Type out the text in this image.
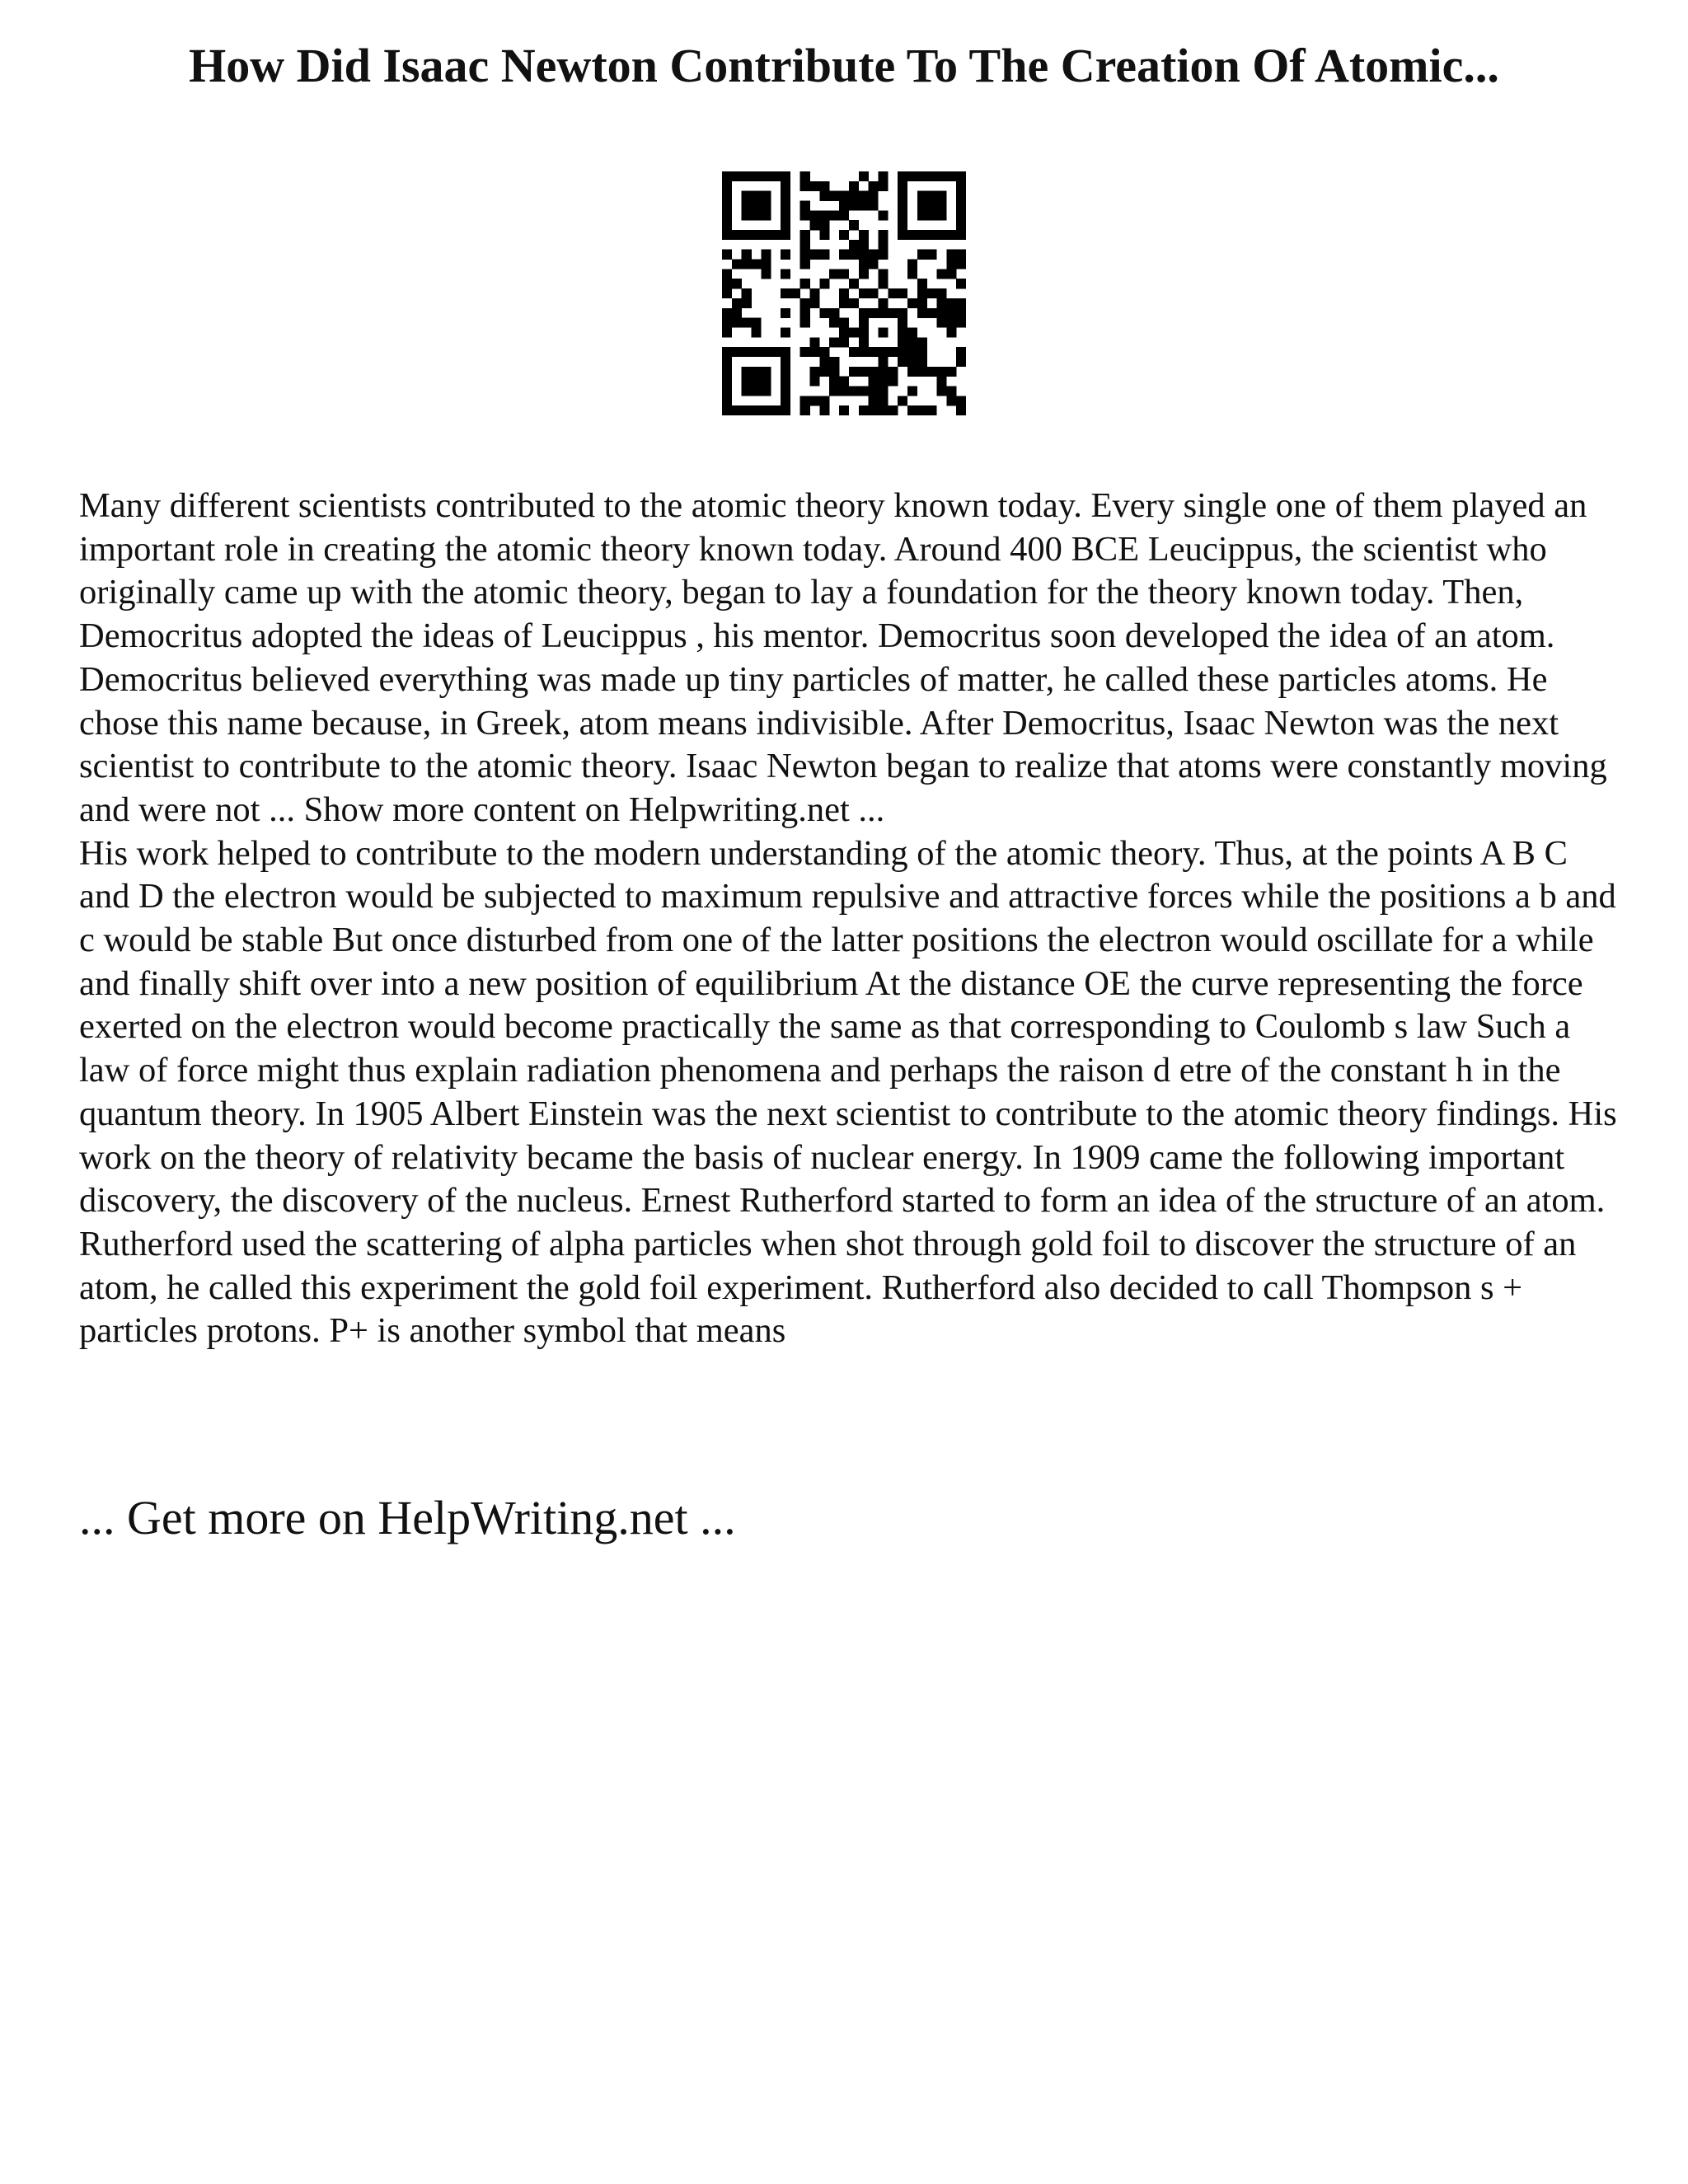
How Did Isaac Newton Contribute To The Creation Of Atomic...

Many different scientists contributed to the atomic theory known today. Every single one of them played an important role in creating the atomic theory known today. Around 400 BCE Leucippus, the scientist who originally came up with the atomic theory, began to lay a foundation for the theory known today. Then, Democritus adopted the ideas of Leucippus , his mentor. Democritus soon developed the idea of an atom. Democritus believed everything was made up tiny particles of matter, he called these particles atoms. He chose this name because, in Greek, atom means indivisible. After Democritus, Isaac Newton was the next scientist to contribute to the atomic theory. Isaac Newton began to realize that atoms were constantly moving and were not ... Show more content on Helpwriting.net ...

His work helped to contribute to the modern understanding of the atomic theory. Thus, at the points A B C and D the electron would be subjected to maximum repulsive and attractive forces while the positions a b and c would be stable But once disturbed from one of the latter positions the electron would oscillate for a while and finally shift over into a new position of equilibrium At the distance OE the curve representing the force exerted on the electron would become practically the same as that corresponding to Coulomb s law Such a law of force might thus explain radiation phenomena and perhaps the raison d etre of the constant h in the quantum theory. In 1905 Albert Einstein was the next scientist to contribute to the atomic theory findings. His work on the theory of relativity became the basis of nuclear energy. In 1909 came the following important discovery, the discovery of the nucleus. Ernest Rutherford started to form an idea of the structure of an atom. Rutherford used the scattering of alpha particles when shot through gold foil to discover the structure of an atom, he called this experiment the gold foil experiment. Rutherford also decided to call Thompson s + particles protons. P+ is another symbol that means

... Get more on HelpWriting.net ...
